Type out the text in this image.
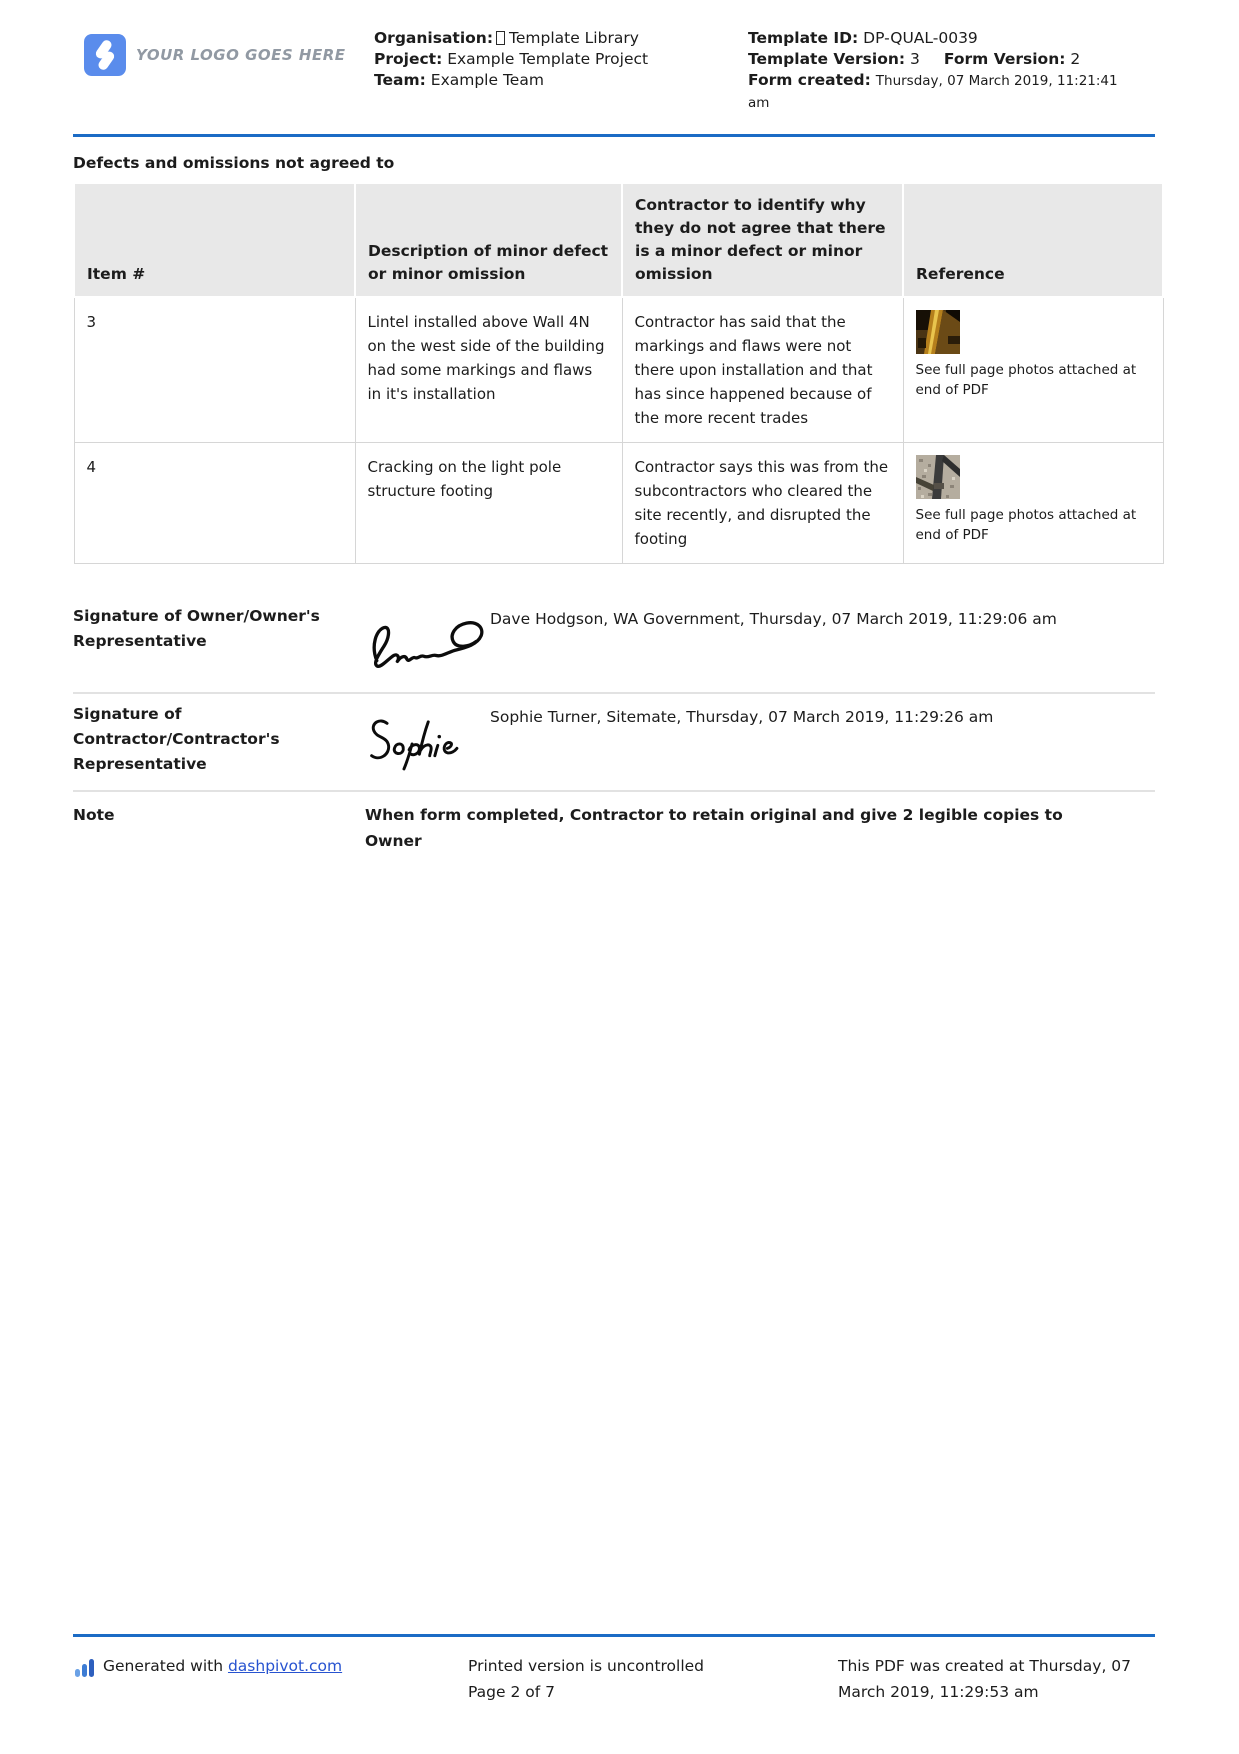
YOUR LOGO GOES HERE
Organisation: Template Library
Project: Example Template Project
Team: Example Team
Template ID: DP-QUAL-0039
Template Version: 3 Form Version: 2
Form created: Thursday, 07 March 2019, 11:21:41 am
Defects and omissions not agreed to
Item #	Description of minor defect or minor omission	Contractor to identify why they do not agree that there is a minor defect or minor omission	Reference
3	Lintel installed above Wall 4N on the west side of the building had some markings and flaws in it's installation	Contractor has said that the markings and flaws were not there upon installation and that has since happened because of the more recent trades	See full page photos attached at end of PDF

4	Cracking on the light pole structure footing	Contractor says this was from the subcontractors who cleared the site recently, and disrupted the footing	See full page photos attached at end of PDF
Signature of Owner/Owner's Representative
Dave Hodgson, WA Government, Thursday, 07 March 2019, 11:29:06 am
Signature of Contractor/Contractor's Representative
Sophie Turner, Sitemate, Thursday, 07 March 2019, 11:29:26 am
Note	When form completed, Contractor to retain original and give 2 legible copies to Owner
Generated with dashpivot.com	Printed version is uncontrolled
Page 2 of 7
This PDF was created at Thursday, 07 March 2019, 11:29:53 am
